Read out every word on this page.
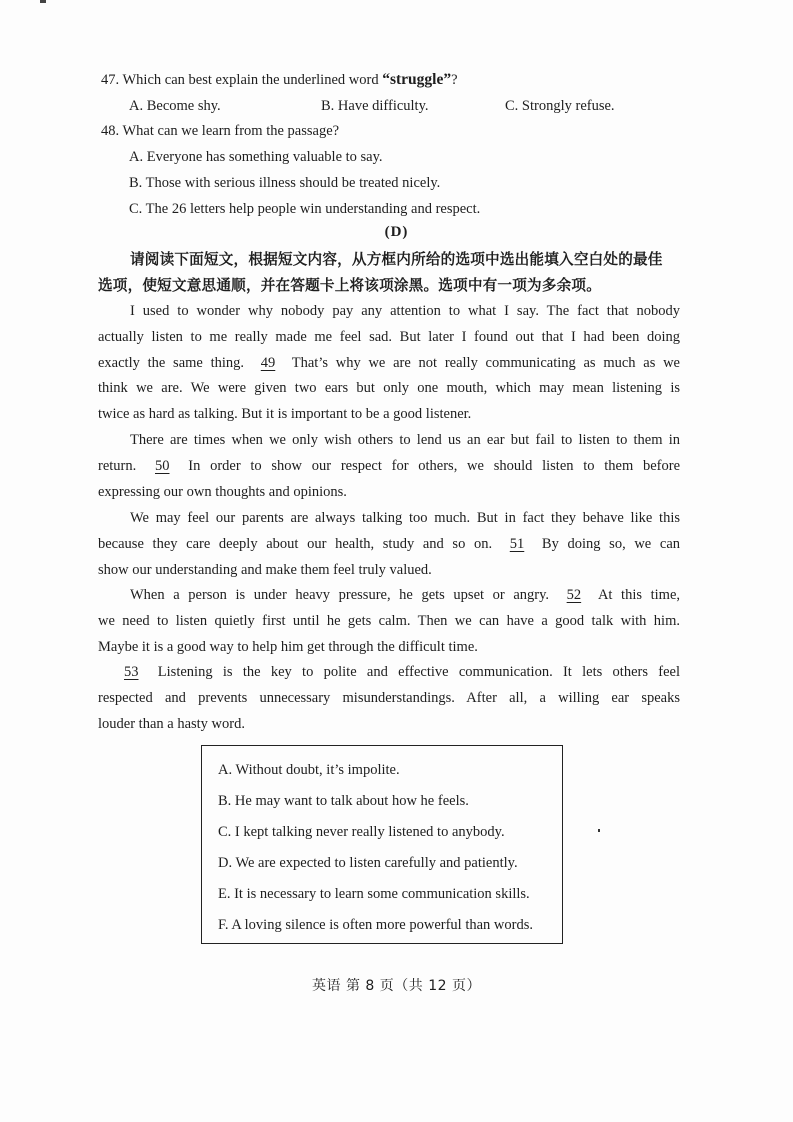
47. Which can best explain the underlined word “struggle”?
A. Become shy.	B. Have difficulty.	C. Strongly refuse.
48. What can we learn from the passage?
A. Everyone has something valuable to say.
B. Those with serious illness should be treated nicely.
C. The 26 letters help people win understanding and respect.
(D)
请阅读下面短文，根据短文内容，从方框内所给的选项中选出能填入空白处的最佳
选项，使短文意思通顺，并在答题卡上将该项涂黑。选项中有一项为多余项。
I used to wonder why nobody pay any attention to what I say. The fact that nobody
actually listen to me really made me feel sad. But later I found out that I had been doing
exactly the same thing. 49 That’s why we are not really communicating as much as we
think we are. We were given two ears but only one mouth, which may mean listening is
twice as hard as talking. But it is important to be a good listener.
There are times when we only wish others to lend us an ear but fail to listen to them in
return. 50 In order to show our respect for others, we should listen to them before
expressing our own thoughts and opinions.
We may feel our parents are always talking too much. But in fact they behave like this
because they care deeply about our health, study and so on. 51 By doing so, we can
show our understanding and make them feel truly valued.
When a person is under heavy pressure, he gets upset or angry. 52 At this time,
we need to listen quietly first until he gets calm. Then we can have a good talk with him.
Maybe it is a good way to help him get through the difficult time.
53 Listening is the key to polite and effective communication. It lets others feel
respected and prevents unnecessary misunderstandings. After all, a willing ear speaks
louder than a hasty word.
A. Without doubt, it’s impolite.
B. He may want to talk about how he feels.
C. I kept talking never really listened to anybody.
D. We are expected to listen carefully and patiently.
E. It is necessary to learn some communication skills.
F. A loving silence is often more powerful than words.
英语 第 8 页（共 12 页）
